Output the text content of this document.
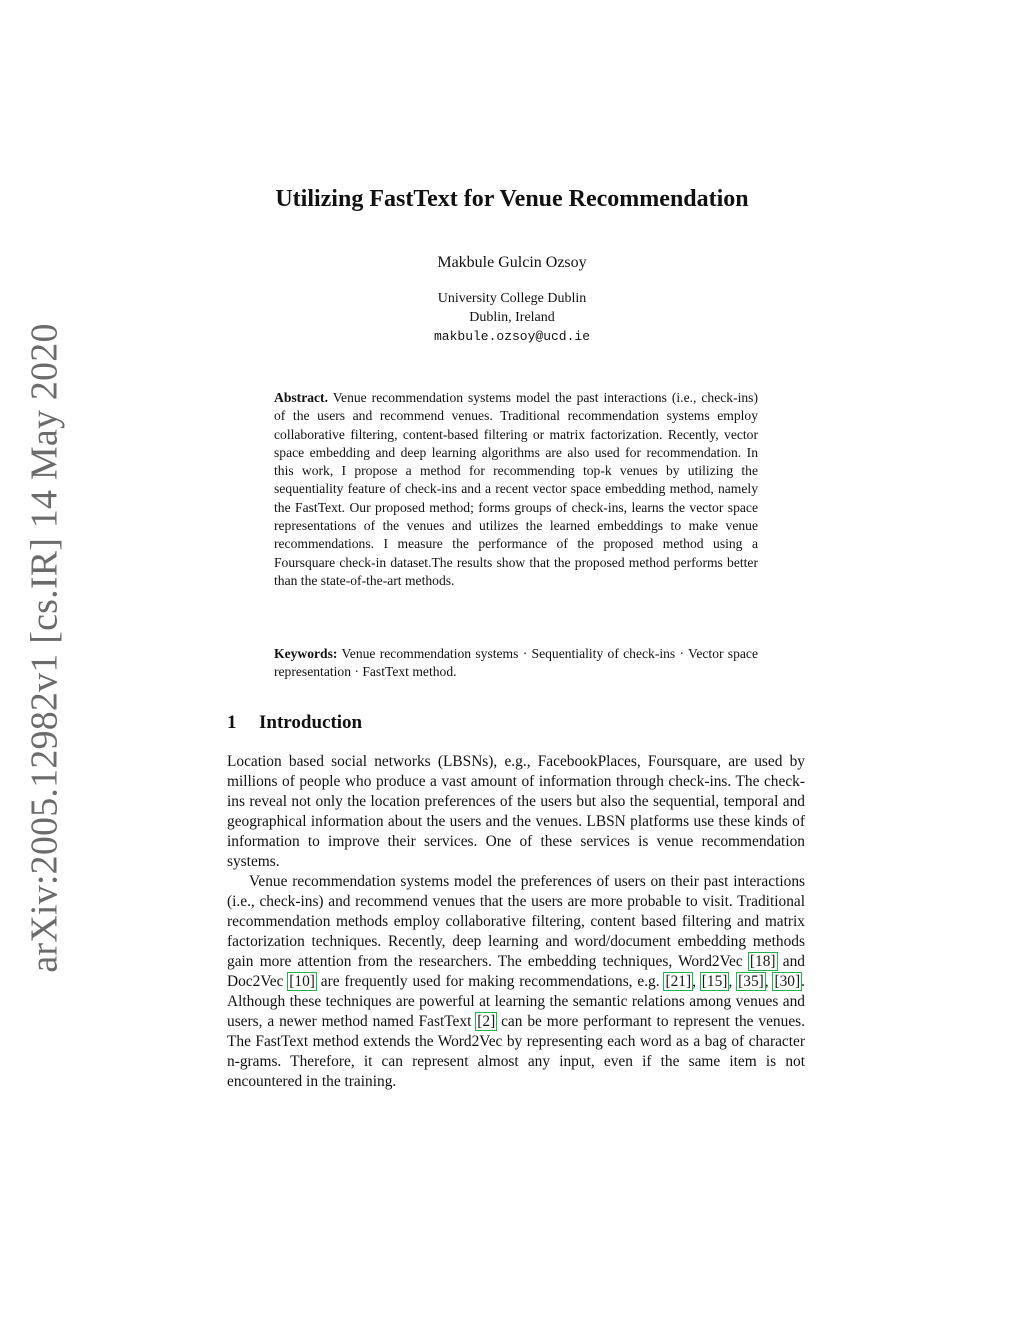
arXiv:2005.12982v1 [cs.IR] 14 May 2020
Utilizing FastText for Venue Recommendation
Makbule Gulcin Ozsoy
University College Dublin
Dublin, Ireland
makbule.ozsoy@ucd.ie
Abstract. Venue recommendation systems model the past interactions (i.e., check-ins) of the users and recommend venues. Traditional recommendation systems employ collaborative filtering, content-based filtering or matrix factorization. Recently, vector space embedding and deep learning algorithms are also used for recommendation. In this work, I propose a method for recommending top-k venues by utilizing the sequentiality feature of check-ins and a recent vector space embedding method, namely the FastText. Our proposed method; forms groups of check-ins, learns the vector space representations of the venues and utilizes the learned embeddings to make venue recommendations. I measure the performance of the proposed method using a Foursquare check-in dataset.The results show that the proposed method performs better than the state-of-the-art methods.
Keywords: Venue recommendation systems · Sequentiality of check-ins · Vector space representation · FastText method.
1 Introduction

Location based social networks (LBSNs), e.g., FacebookPlaces, Foursquare, are used by millions of people who produce a vast amount of information through check-ins. The check-ins reveal not only the location preferences of the users but also the sequential, temporal and geographical information about the users and the venues. LBSN platforms use these kinds of information to improve their services. One of these services is venue recommendation systems.

Venue recommendation systems model the preferences of users on their past interactions (i.e., check-ins) and recommend venues that the users are more probable to visit. Traditional recommendation methods employ collaborative filtering, content based filtering and matrix factorization techniques. Recently, deep learning and word/document embedding methods gain more attention from the researchers. The embedding techniques, Word2Vec [18] and Doc2Vec [10] are frequently used for making recommendations, e.g. [21], [15], [35], [30]. Although these techniques are powerful at learning the semantic relations among venues and users, a newer method named FastText [2] can be more performant to represent the venues. The FastText method extends the Word2Vec by representing each word as a bag of character n-grams. Therefore, it can represent almost any input, even if the same item is not encountered in the training.
